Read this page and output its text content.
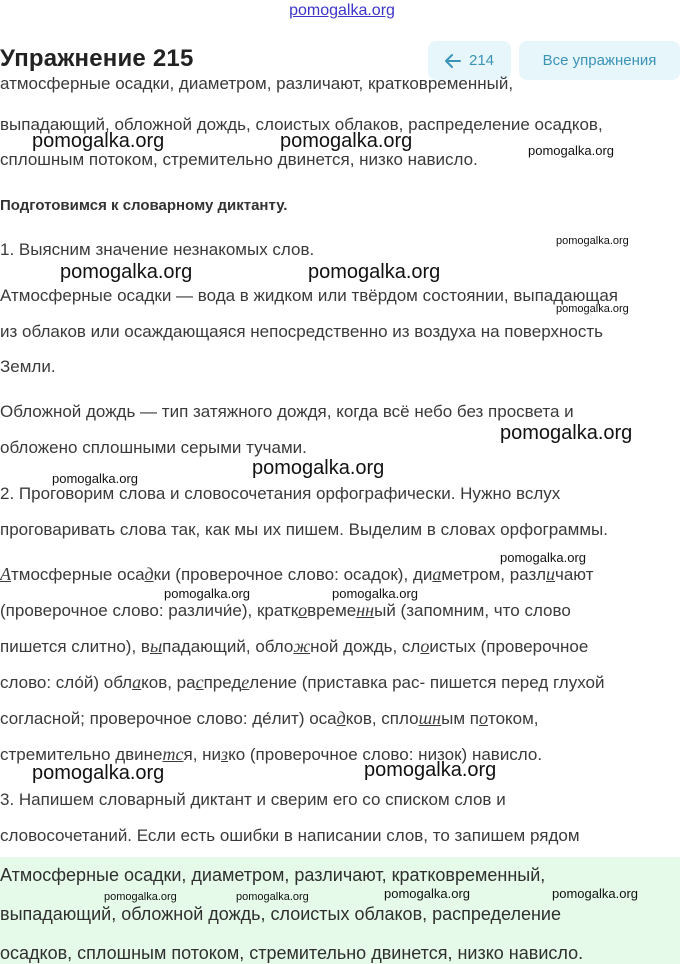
pomogalka.org
Упражнение 215	214	Все упражнения
атмосферные осадки, диаметром, различают, кратковременный,
выпадающий, обложной дождь, слоистых облаков, распределение осадков,
сплошным потоком, стремительно двинется, низко нависло.
Подготовимся к словарному диктанту.
1. Выясним значение незнакомых слов.
Атмосферные осадки — вода в жидком или твёрдом состоянии, выпадающая
из облаков или осаждающаяся непосредственно из воздуха на поверхность
Земли.
Обложной дождь — тип затяжного дождя, когда всё небо без просвета и
обложено сплошными серыми тучами.
2. Проговорим слова и словосочетания орфографически. Нужно вслух
проговаривать слова так, как мы их пишем. Выделим в словах орфограммы.
Атмосферные осадки (проверочное слово: осадок), диаметром, различают
(проверочное слово: различи́е), кратковременный (запомним, что слово
пишется слитно), выпадающий, обложной дождь, слоистых (проверочное
слово: сло́й) облаков, распределение (приставка рас- пишется перед глухой
согласной; проверочное слово: де́лит) осадков, сплошным потоком,
стремительно двинется, низко (проверочное слово: низок) нависло.
3. Напишем словарный диктант и сверим его со списком слов и
словосочетаний. Если есть ошибки в написании слов, то запишем рядом
Атмосферные осадки, диаметром, различают, кратковременный,
выпадающий, обложной дождь, слоистых облаков, распределение
осадков, сплошным потоком, стремительно двинется, низко нависло.
pomogalka.org	pomogalka.org	pomogalka.org
pomogalka.org
pomogalka.org	pomogalka.org
pomogalka.org
pomogalka.org
pomogalka.org
pomogalka.org
pomogalka.org
pomogalka.org	pomogalka.org
pomogalka.org	pomogalka.org
pomogalka.org	pomogalka.org	pomogalka.org	pomogalka.org
